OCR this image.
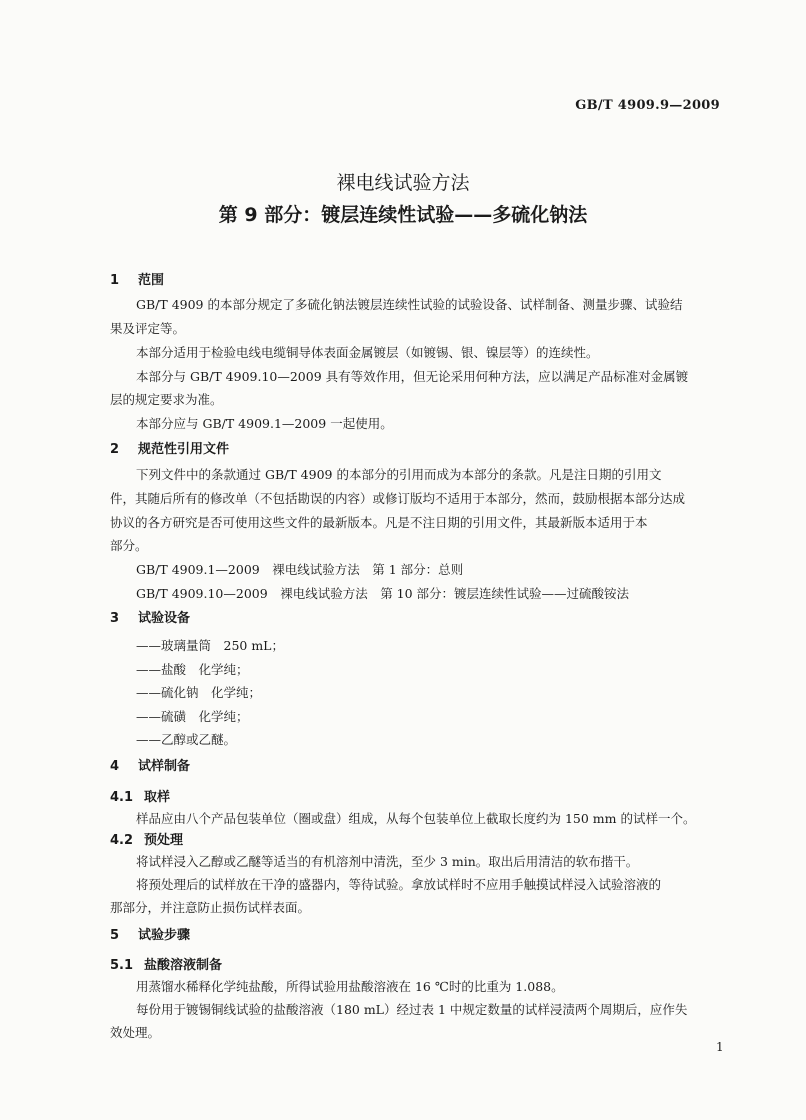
GB/T 4909.9—2009
裸电线试验方法
第 9 部分：镀层连续性试验——多硫化钠法
1 范围
GB/T 4909 的本部分规定了多硫化钠法镀层连续性试验的试验设备、试样制备、测量步骤、试验结
果及评定等。
本部分适用于检验电线电缆铜导体表面金属镀层（如镀锡、银、镍层等）的连续性。
本部分与 GB/T 4909.10—2009 具有等效作用，但无论采用何种方法，应以满足产品标准对金属镀
层的规定要求为准。
本部分应与 GB/T 4909.1—2009 一起使用。
2 规范性引用文件
下列文件中的条款通过 GB/T 4909 的本部分的引用而成为本部分的条款。凡是注日期的引用文
件，其随后所有的修改单（不包括勘误的内容）或修订版均不适用于本部分，然而，鼓励根据本部分达成
协议的各方研究是否可使用这些文件的最新版本。凡是不注日期的引用文件，其最新版本适用于本
部分。
GB/T 4909.1—2009　裸电线试验方法　第 1 部分：总则
GB/T 4909.10—2009　裸电线试验方法　第 10 部分：镀层连续性试验——过硫酸铵法
3 试验设备
——玻璃量筒　250 mL；
——盐酸　化学纯；
——硫化钠　化学纯；
——硫磺　化学纯；
——乙醇或乙醚。
4 试样制备
4.1 取样
样品应由八个产品包装单位（圈或盘）组成，从每个包装单位上截取长度约为 150 mm 的试样一个。
4.2 预处理
将试样浸入乙醇或乙醚等适当的有机溶剂中清洗，至少 3 min。取出后用清洁的软布揩干。
将预处理后的试样放在干净的盛器内，等待试验。拿放试样时不应用手触摸试样浸入试验溶液的
那部分，并注意防止损伤试样表面。
5 试验步骤
5.1 盐酸溶液制备
用蒸馏水稀释化学纯盐酸，所得试验用盐酸溶液在 16 ℃时的比重为 1.088。
每份用于镀锡铜线试验的盐酸溶液（180 mL）经过表 1 中规定数量的试样浸渍两个周期后，应作失
效处理。
1
